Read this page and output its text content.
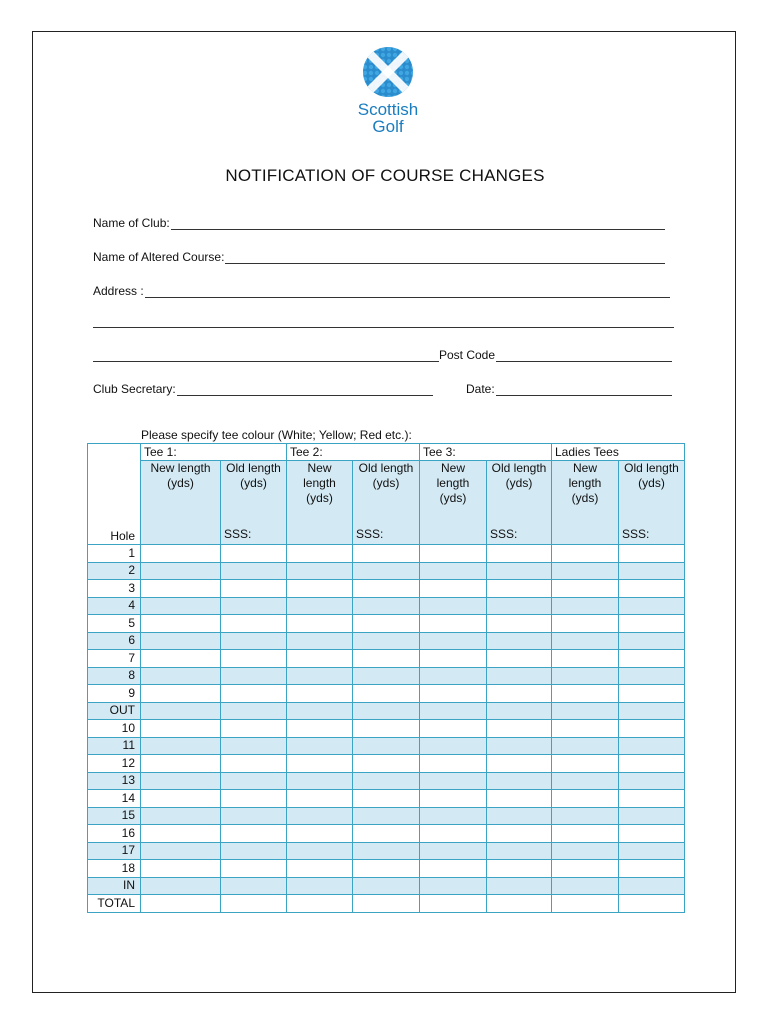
Scottish
Golf
NOTIFICATION OF COURSE CHANGES
Name of Club:
Name of Altered Course:
Address :
Post Code
Club Secretary:	Date:
Please specify tee colour (White; Yellow; Red etc.):
Hole	Tee 1:		Tee 2:		Tee 3:		Ladies Tees	
	New length (yds)	Old length (yds)	New length (yds)	Old length (yds)	New length (yds)	Old length (yds)	New length (yds)	Old length (yds)
		SSS:		SSS:		SSS:		SSS:
1								
2								
3								
4								
5								
6								
7								
8								
9								
OUT								
10								
11								
12								
13								
14								
15								
16								
17								
18								
IN								
TOTAL								
